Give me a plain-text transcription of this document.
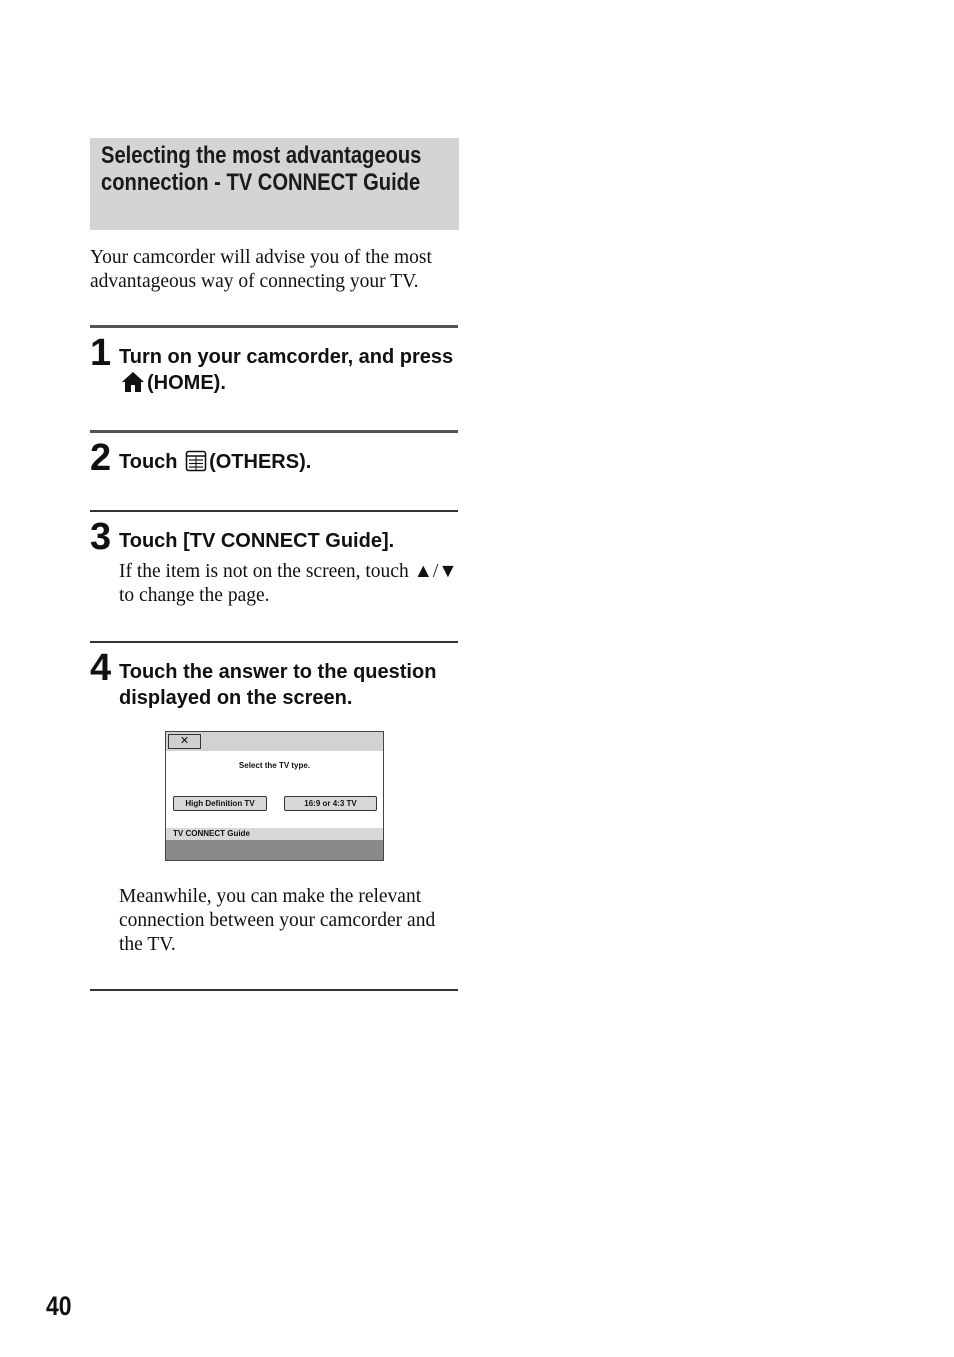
Selecting the most advantageous connection - TV CONNECT Guide
Your camcorder will advise you of the most advantageous way of connecting your TV.
1 Turn on your camcorder, and press (HOME).
2 Touch (OTHERS).
3 Touch [TV CONNECT Guide].
If the item is not on the screen, touch ▲/▼ to change the page.
4 Touch the answer to the question displayed on the screen.
✕
Select the TV type.
High Definition TV	16:9 or 4:3 TV
TV CONNECT Guide
Meanwhile, you can make the relevant connection between your camcorder and the TV.
40
